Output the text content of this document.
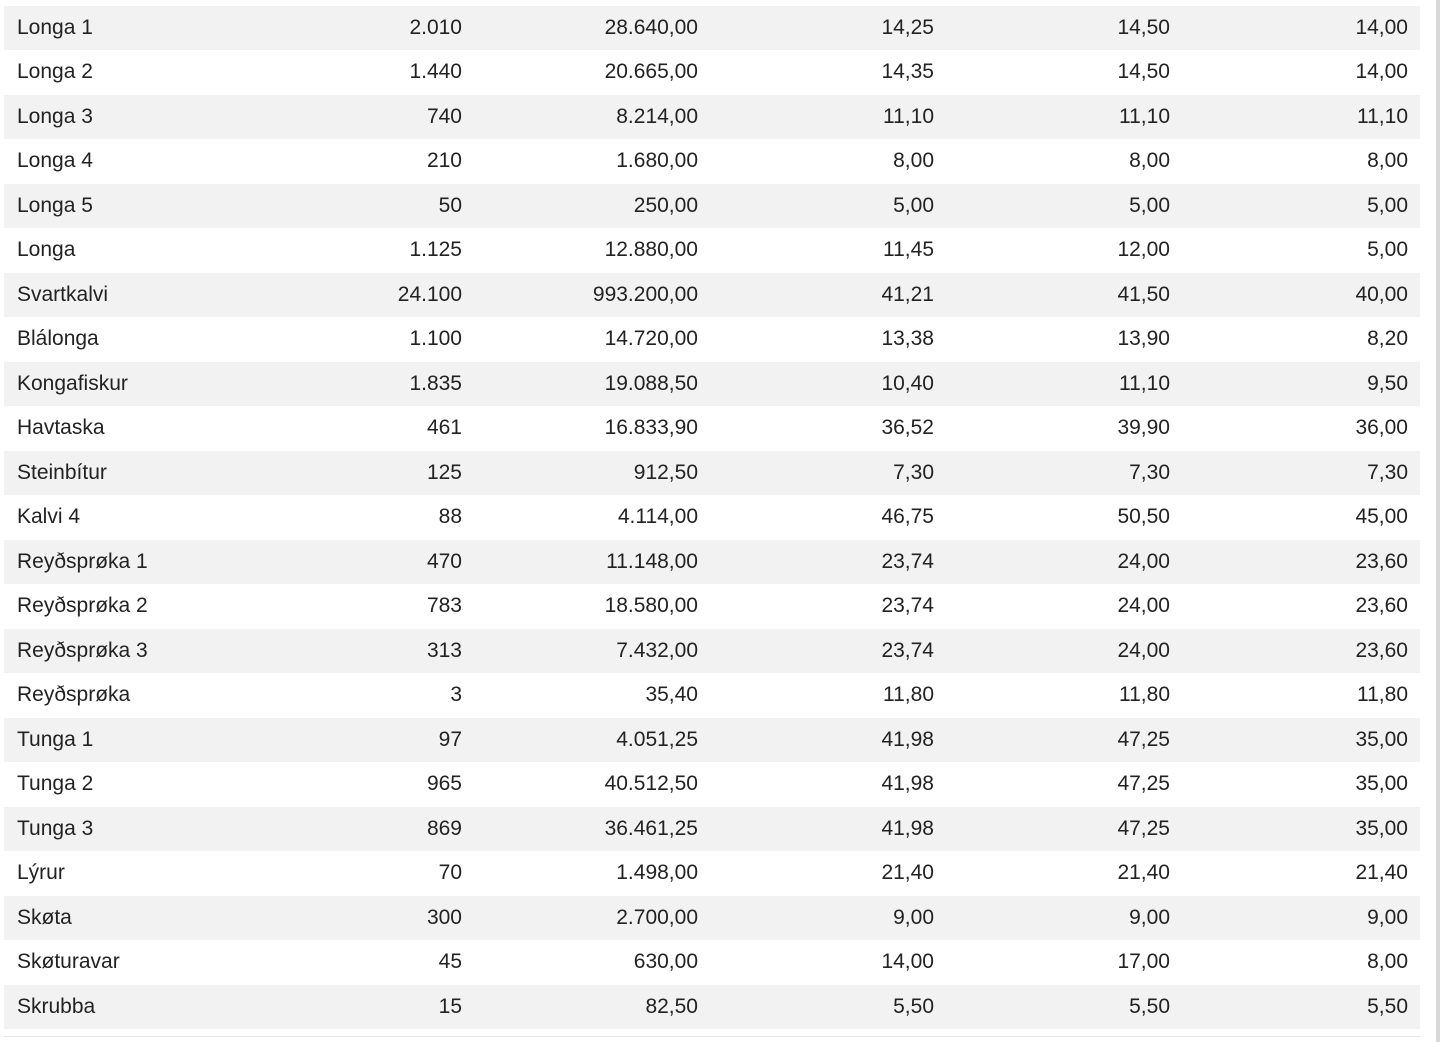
Longa 1	2.010	28.640,00	14,25	14,50	14,00
Longa 2	1.440	20.665,00	14,35	14,50	14,00
Longa 3	740	8.214,00	11,10	11,10	11,10
Longa 4	210	1.680,00	8,00	8,00	8,00
Longa 5	50	250,00	5,00	5,00	5,00
Longa	1.125	12.880,00	11,45	12,00	5,00
Svartkalvi	24.100	993.200,00	41,21	41,50	40,00
Blálonga	1.100	14.720,00	13,38	13,90	8,20
Kongafiskur	1.835	19.088,50	10,40	11,10	9,50
Havtaska	461	16.833,90	36,52	39,90	36,00
Steinbítur	125	912,50	7,30	7,30	7,30
Kalvi 4	88	4.114,00	46,75	50,50	45,00
Reyðsprøka 1	470	11.148,00	23,74	24,00	23,60
Reyðsprøka 2	783	18.580,00	23,74	24,00	23,60
Reyðsprøka 3	313	7.432,00	23,74	24,00	23,60
Reyðsprøka	3	35,40	11,80	11,80	11,80
Tunga 1	97	4.051,25	41,98	47,25	35,00
Tunga 2	965	40.512,50	41,98	47,25	35,00
Tunga 3	869	36.461,25	41,98	47,25	35,00
Lýrur	70	1.498,00	21,40	21,40	21,40
Skøta	300	2.700,00	9,00	9,00	9,00
Skøturavar	45	630,00	14,00	17,00	8,00
Skrubba	15	82,50	5,50	5,50	5,50
